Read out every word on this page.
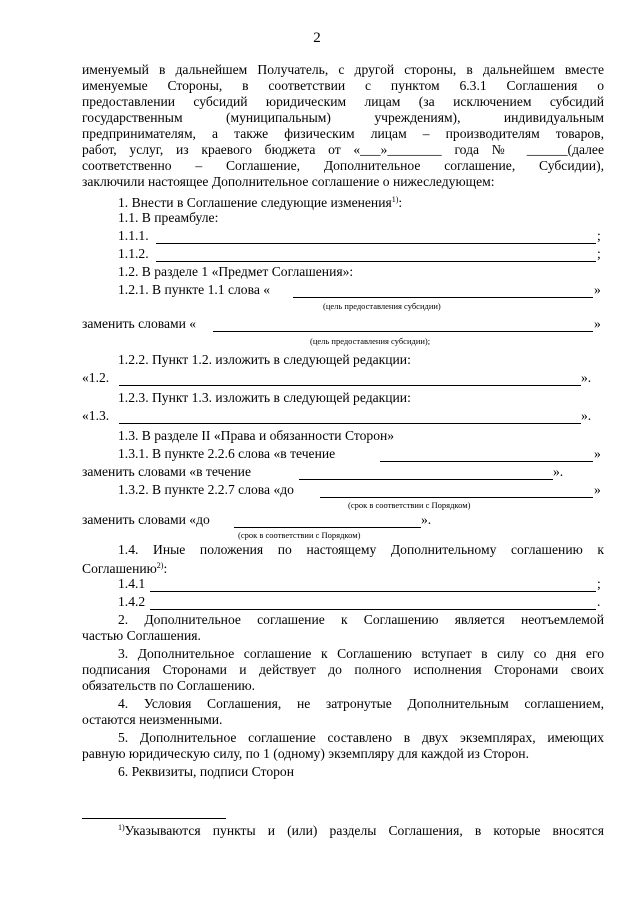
2
именуемый в дальнейшем Получатель, с другой стороны, в дальнейшем вместе
именуемые Стороны, в соответствии с пунктом 6.3.1 Соглашения о
предоставлении субсидий юридическим лицам (за исключением субсидий
государственным (муниципальным) учреждениям), индивидуальным
предпринимателям, а также физическим лицам – производителям товаров,
работ, услуг, из краевого бюджета от «___»________ года № ______(далее
соответственно – Соглашение, Дополнительное соглашение, Субсидии),
заключили настоящее Дополнительное соглашение о нижеследующем:
1. Внести в Соглашение следующие изменения$^{1)}$:
1.1. В преамбуле:
1.1.1.	;
1.1.2.	;
1.2. В разделе 1 «Предмет Соглашения»:
1.2.1. В пункте 1.1 слова «	»
(цель предоставления субсидии)
заменить словами «	»
(цель предоставления субсидии);
1.2.2. Пункт 1.2. изложить в следующей редакции:
«1.2.	».
1.2.3. Пункт 1.3. изложить в следующей редакции:
«1.3.	».
1.3. В разделе II «Права и обязанности Сторон»
1.3.1. В пункте 2.2.6 слова «в течение	»
заменить словами «в течение	».
1.3.2. В пункте 2.2.7 слова «до	»
(срок в соответствии с Порядком)
заменить словами «до	».
(срок в соответствии с Порядком)
1.4. Иные положения по настоящему Дополнительному соглашению к
Соглашению$^{2)}$:
1.4.1	;
1.4.2	.
2. Дополнительное соглашение к Соглашению является неотъемлемой
частью Соглашения.
3. Дополнительное соглашение к Соглашению вступает в силу со дня его
подписания Сторонами и действует до полного исполнения Сторонами своих
обязательств по Соглашению.
4. Условия Соглашения, не затронутые Дополнительным соглашением,
остаются неизменными.
5. Дополнительное соглашение составлено в двух экземплярах, имеющих
равную юридическую силу, по 1 (одному) экземпляру для каждой из Сторон.
6. Реквизиты, подписи Сторон
$^{1)}$Указываются пункты и (или) разделы Соглашения, в которые вносятся
